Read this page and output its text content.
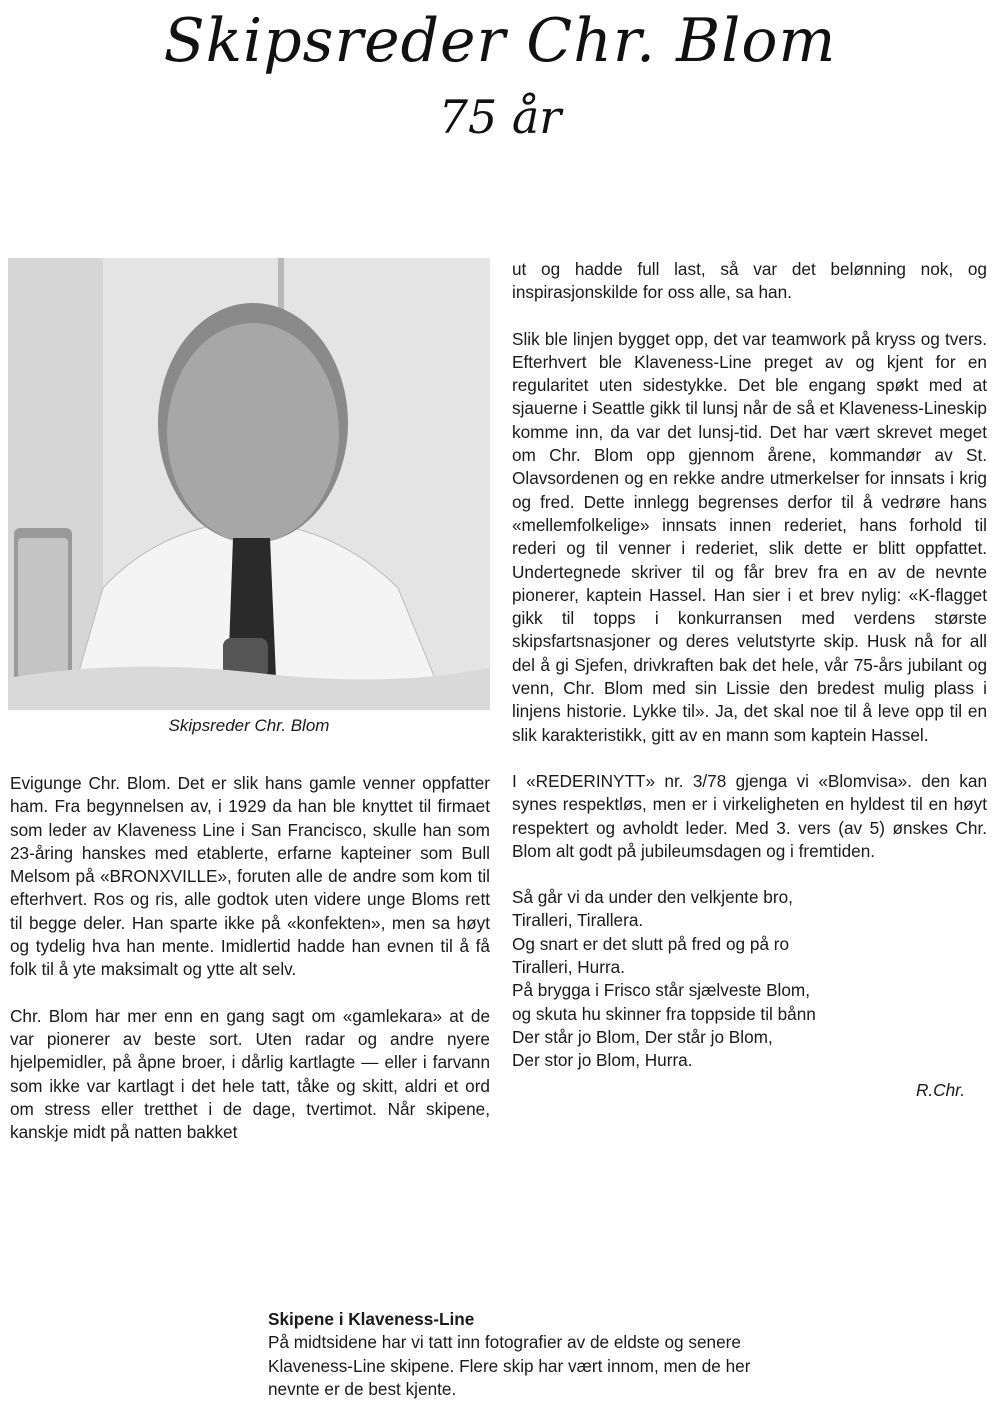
Skipsreder Chr. Blom
75 år
Skipsreder Chr. Blom

Evigunge Chr. Blom. Det er slik hans gamle venner oppfatter ham. Fra begynnelsen av, i 1929 da han ble knyttet til firmaet som leder av Klaveness Line i San Francisco, skulle han som 23-åring hanskes med etablerte, erfarne kapteiner som Bull Melsom på «BRONXVILLE», foruten alle de andre som kom til efterhvert. Ros og ris, alle godtok uten videre unge Bloms rett til begge deler. Han sparte ikke på «konfekten», men sa høyt og tydelig hva han mente. Imidlertid hadde han evnen til å få folk til å yte maksimalt og ytte alt selv.

Chr. Blom har mer enn en gang sagt om «gamlekara» at de var pionerer av beste sort. Uten radar og andre nyere hjelpemidler, på åpne broer, i dårlig kartlagte — eller i farvann som ikke var kartlagt i det hele tatt, tåke og skitt, aldri et ord om stress eller tretthet i de dage, tvertimot. Når skipene, kanskje midt på natten bakket

ut og hadde full last, så var det belønning nok, og inspirasjonskilde for oss alle, sa han.

Slik ble linjen bygget opp, det var teamwork på kryss og tvers. Efterhvert ble Klaveness-Line preget av og kjent for en regularitet uten sidestykke. Det ble engang spøkt med at sjauerne i Seattle gikk til lunsj når de så et Klaveness-Lineskip komme inn, da var det lunsj-tid. Det har vært skrevet meget om Chr. Blom opp gjennom årene, kommandør av St. Olavsordenen og en rekke andre utmerkelser for innsats i krig og fred. Dette innlegg begrenses derfor til å vedrøre hans «mellemfolkelige» innsats innen rederiet, hans forhold til rederi og til venner i rederiet, slik dette er blitt oppfattet. Undertegnede skriver til og får brev fra en av de nevnte pionerer, kaptein Hassel. Han sier i et brev nylig: «K-flagget gikk til topps i konkurransen med verdens største skipsfartsnasjoner og deres velutstyrte skip. Husk nå for all del å gi Sjefen, drivkraften bak det hele, vår 75-års jubilant og venn, Chr. Blom med sin Lissie den bredest mulig plass i linjens historie. Lykke til». Ja, det skal noe til å leve opp til en slik karakteristikk, gitt av en mann som kaptein Hassel.

I «REDERINYTT» nr. 3/78 gjenga vi «Blomvisa». den kan synes respektløs, men er i virkeligheten en hyldest til en høyt respektert og avholdt leder. Med 3. vers (av 5) ønskes Chr. Blom alt godt på jubileumsdagen og i fremtiden.

Så går vi da under den velkjente bro,
Tiralleri, Tirallera.
Og snart er det slutt på fred og på ro
Tiralleri, Hurra.
På brygga i Frisco står sjælveste Blom,
og skuta hu skinner fra toppside til bånn
Der står jo Blom, Der står jo Blom,
Der stor jo Blom, Hurra.
R.Chr.
Skipene i Klaveness-Line
På midtsidene har vi tatt inn fotografier av de eldste og senere Klaveness-Line skipene. Flere skip har vært innom, men de her nevnte er de best kjente.
